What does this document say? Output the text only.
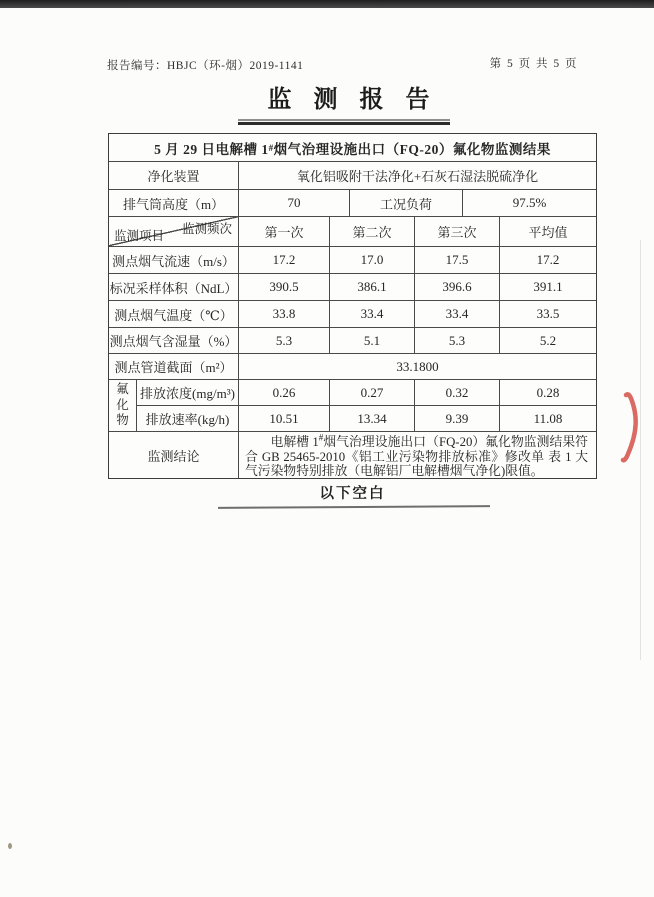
报告编号：HBJC（环-烟）2019-1141	第 5 页 共 5 页
监 测 报 告
5 月 29 日电解槽 1 # 烟气治理设施出口（FQ-20）氟化物监测结果
净化装置	氧化铝吸附干法净化+石灰石湿法脱硫净化
排气筒高度（m）	70	工况负荷	97.5%
监测频次
监测项目	第一次	第二次	第三次	平均值
测点烟气流速（m/s）	17.2	17.0	17.5	17.2
标况采样体积（NdL）	390.5	386.1	396.6	391.1
测点烟气温度（℃）	33.8	33.4	33.4	33.5
测点烟气含湿量（%）	5.3	5.1	5.3	5.2
测点管道截面（m²）	33.1800
氟化物
排放浓度(mg/m³)	0.26	0.27	0.32	0.28
排放速率(kg/h)	10.51	13.34	9.39	11.08
监测结论
电解槽 1#烟气治理设施出口（FQ-20）氟化物监测结果符合 GB 25465-2010《铝工业污染物排放标准》修改单 表 1 大气污染物特别排放（电解铝厂电解槽烟气净化)限值。
以下空白
